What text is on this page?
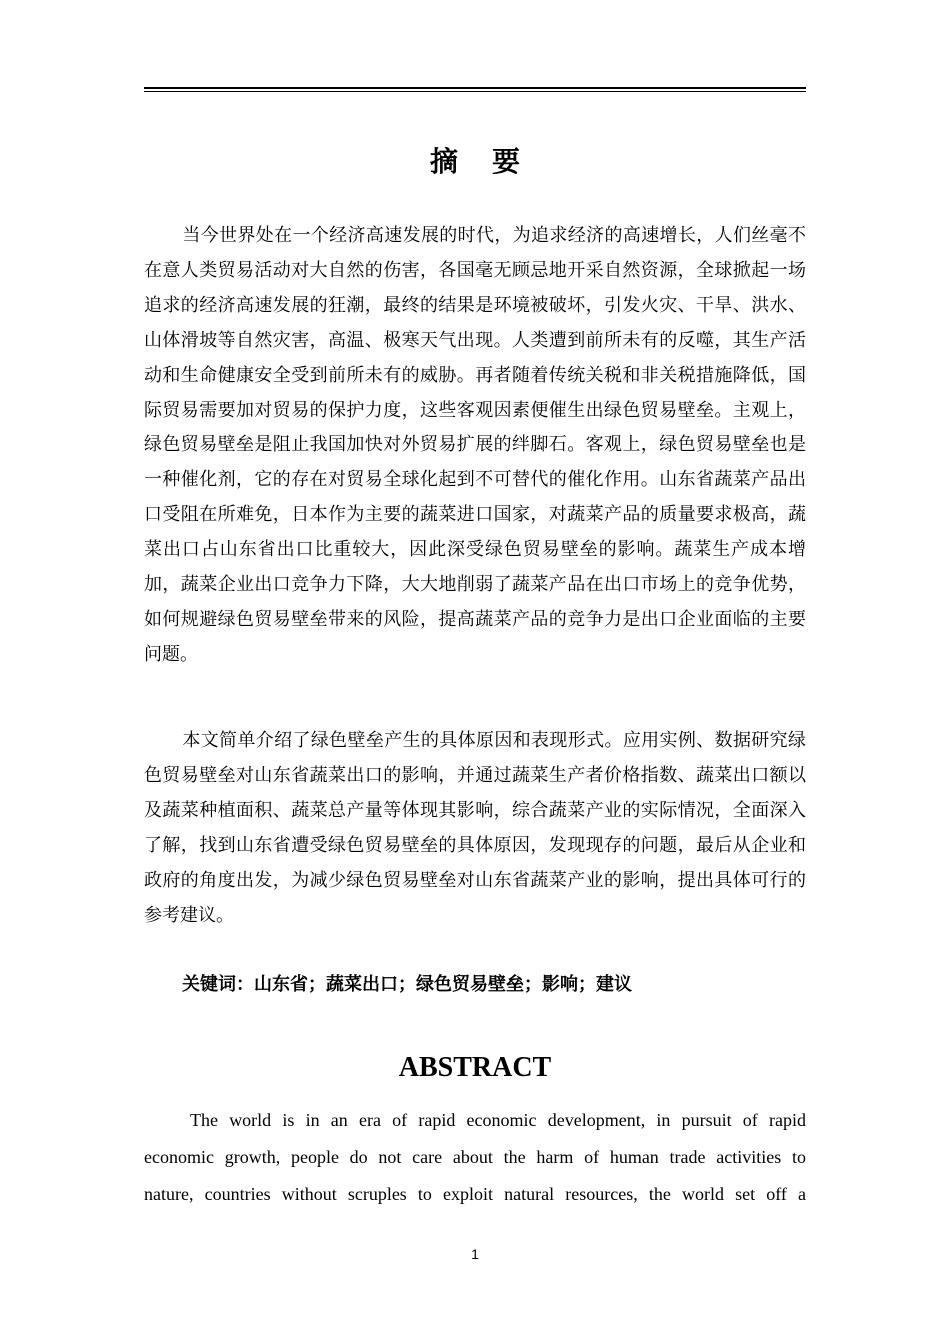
摘要

当今世界处在一个经济高速发展的时代，为追求经济的高速增长，人们丝毫不在意人类贸易活动对大自然的伤害，各国毫无顾忌地开采自然资源，全球掀起一场追求的经济高速发展的狂潮，最终的结果是环境被破坏，引发火灾、干旱、洪水、山体滑坡等自然灾害，高温、极寒天气出现。人类遭到前所未有的反噬，其生产活动和生命健康安全受到前所未有的威胁。再者随着传统关税和非关税措施降低，国际贸易需要加对贸易的保护力度，这些客观因素便催生出绿色贸易壁垒。主观上，绿色贸易壁垒是阻止我国加快对外贸易扩展的绊脚石。客观上，绿色贸易壁垒也是一种催化剂，它的存在对贸易全球化起到不可替代的催化作用。山东省蔬菜产品出口受阻在所难免，日本作为主要的蔬菜进口国家，对蔬菜产品的质量要求极高，蔬菜出口占山东省出口比重较大，因此深受绿色贸易壁垒的影响。蔬菜生产成本增加，蔬菜企业出口竞争力下降，大大地削弱了蔬菜产品在出口市场上的竞争优势，如何规避绿色贸易壁垒带来的风险，提高蔬菜产品的竞争力是出口企业面临的主要问题。

本文简单介绍了绿色壁垒产生的具体原因和表现形式。应用实例、数据研究绿色贸易壁垒对山东省蔬菜出口的影响，并通过蔬菜生产者价格指数、蔬菜出口额以及蔬菜种植面积、蔬菜总产量等体现其影响，综合蔬菜产业的实际情况，全面深入了解，找到山东省遭受绿色贸易壁垒的具体原因，发现现存的问题，最后从企业和政府的角度出发，为减少绿色贸易壁垒对山东省蔬菜产业的影响，提出具体可行的参考建议。

关键词：山东省；蔬菜出口；绿色贸易壁垒；影响；建议
ABSTRACT
The world is in an era of rapid economic development, in pursuit of rapid
economic growth, people do not care about the harm of human trade activities to
nature, countries without scruples to exploit natural resources, the world set off a
1
